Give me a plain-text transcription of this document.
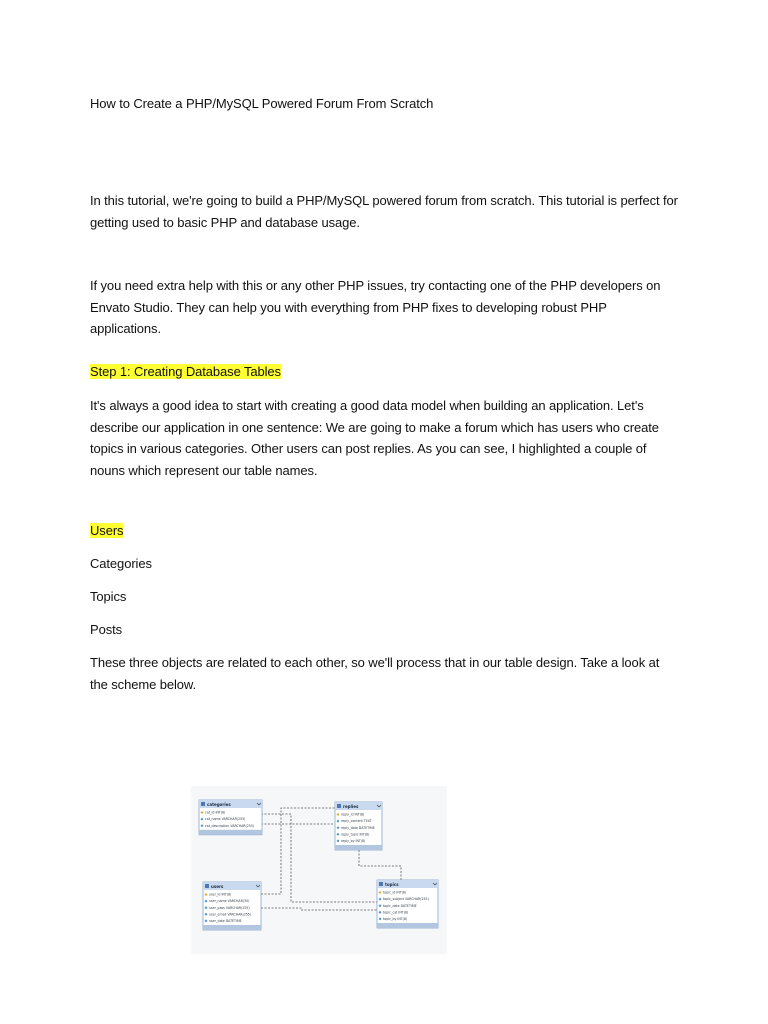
How to Create a PHP/MySQL Powered Forum From Scratch
In this tutorial, we're going to build a PHP/MySQL powered forum from scratch. This tutorial is perfect for getting used to basic PHP and database usage.
If you need extra help with this or any other PHP issues, try contacting one of the PHP developers on Envato Studio. They can help you with everything from PHP fixes to developing robust PHP applications.
Step 1: Creating Database Tables
It's always a good idea to start with creating a good data model when building an application. Let's describe our application in one sentence: We are going to make a forum which has users who create topics in various categories. Other users can post replies. As you can see, I highlighted a couple of nouns which represent our table names.
Users
Categories
Topics
Posts
These three objects are related to each other, so we'll process that in our table design. Take a look at the scheme below.
categories
cat_id INT(8)
cat_name VARCHAR(255)
cat_description VARCHAR(255)
replies
reply_id INT(8)
reply_content TEXT
reply_date DATETIME
reply_topic INT(8)
reply_by INT(8)
users
user_id INT(8)
user_name VARCHAR(30)
user_pass VARCHAR(255)
user_email VARCHAR(255)
user_date DATETIME
topics
topic_id INT(8)
topic_subject VARCHAR(255)
topic_date DATETIME
topic_cat INT(8)
topic_by INT(8)
